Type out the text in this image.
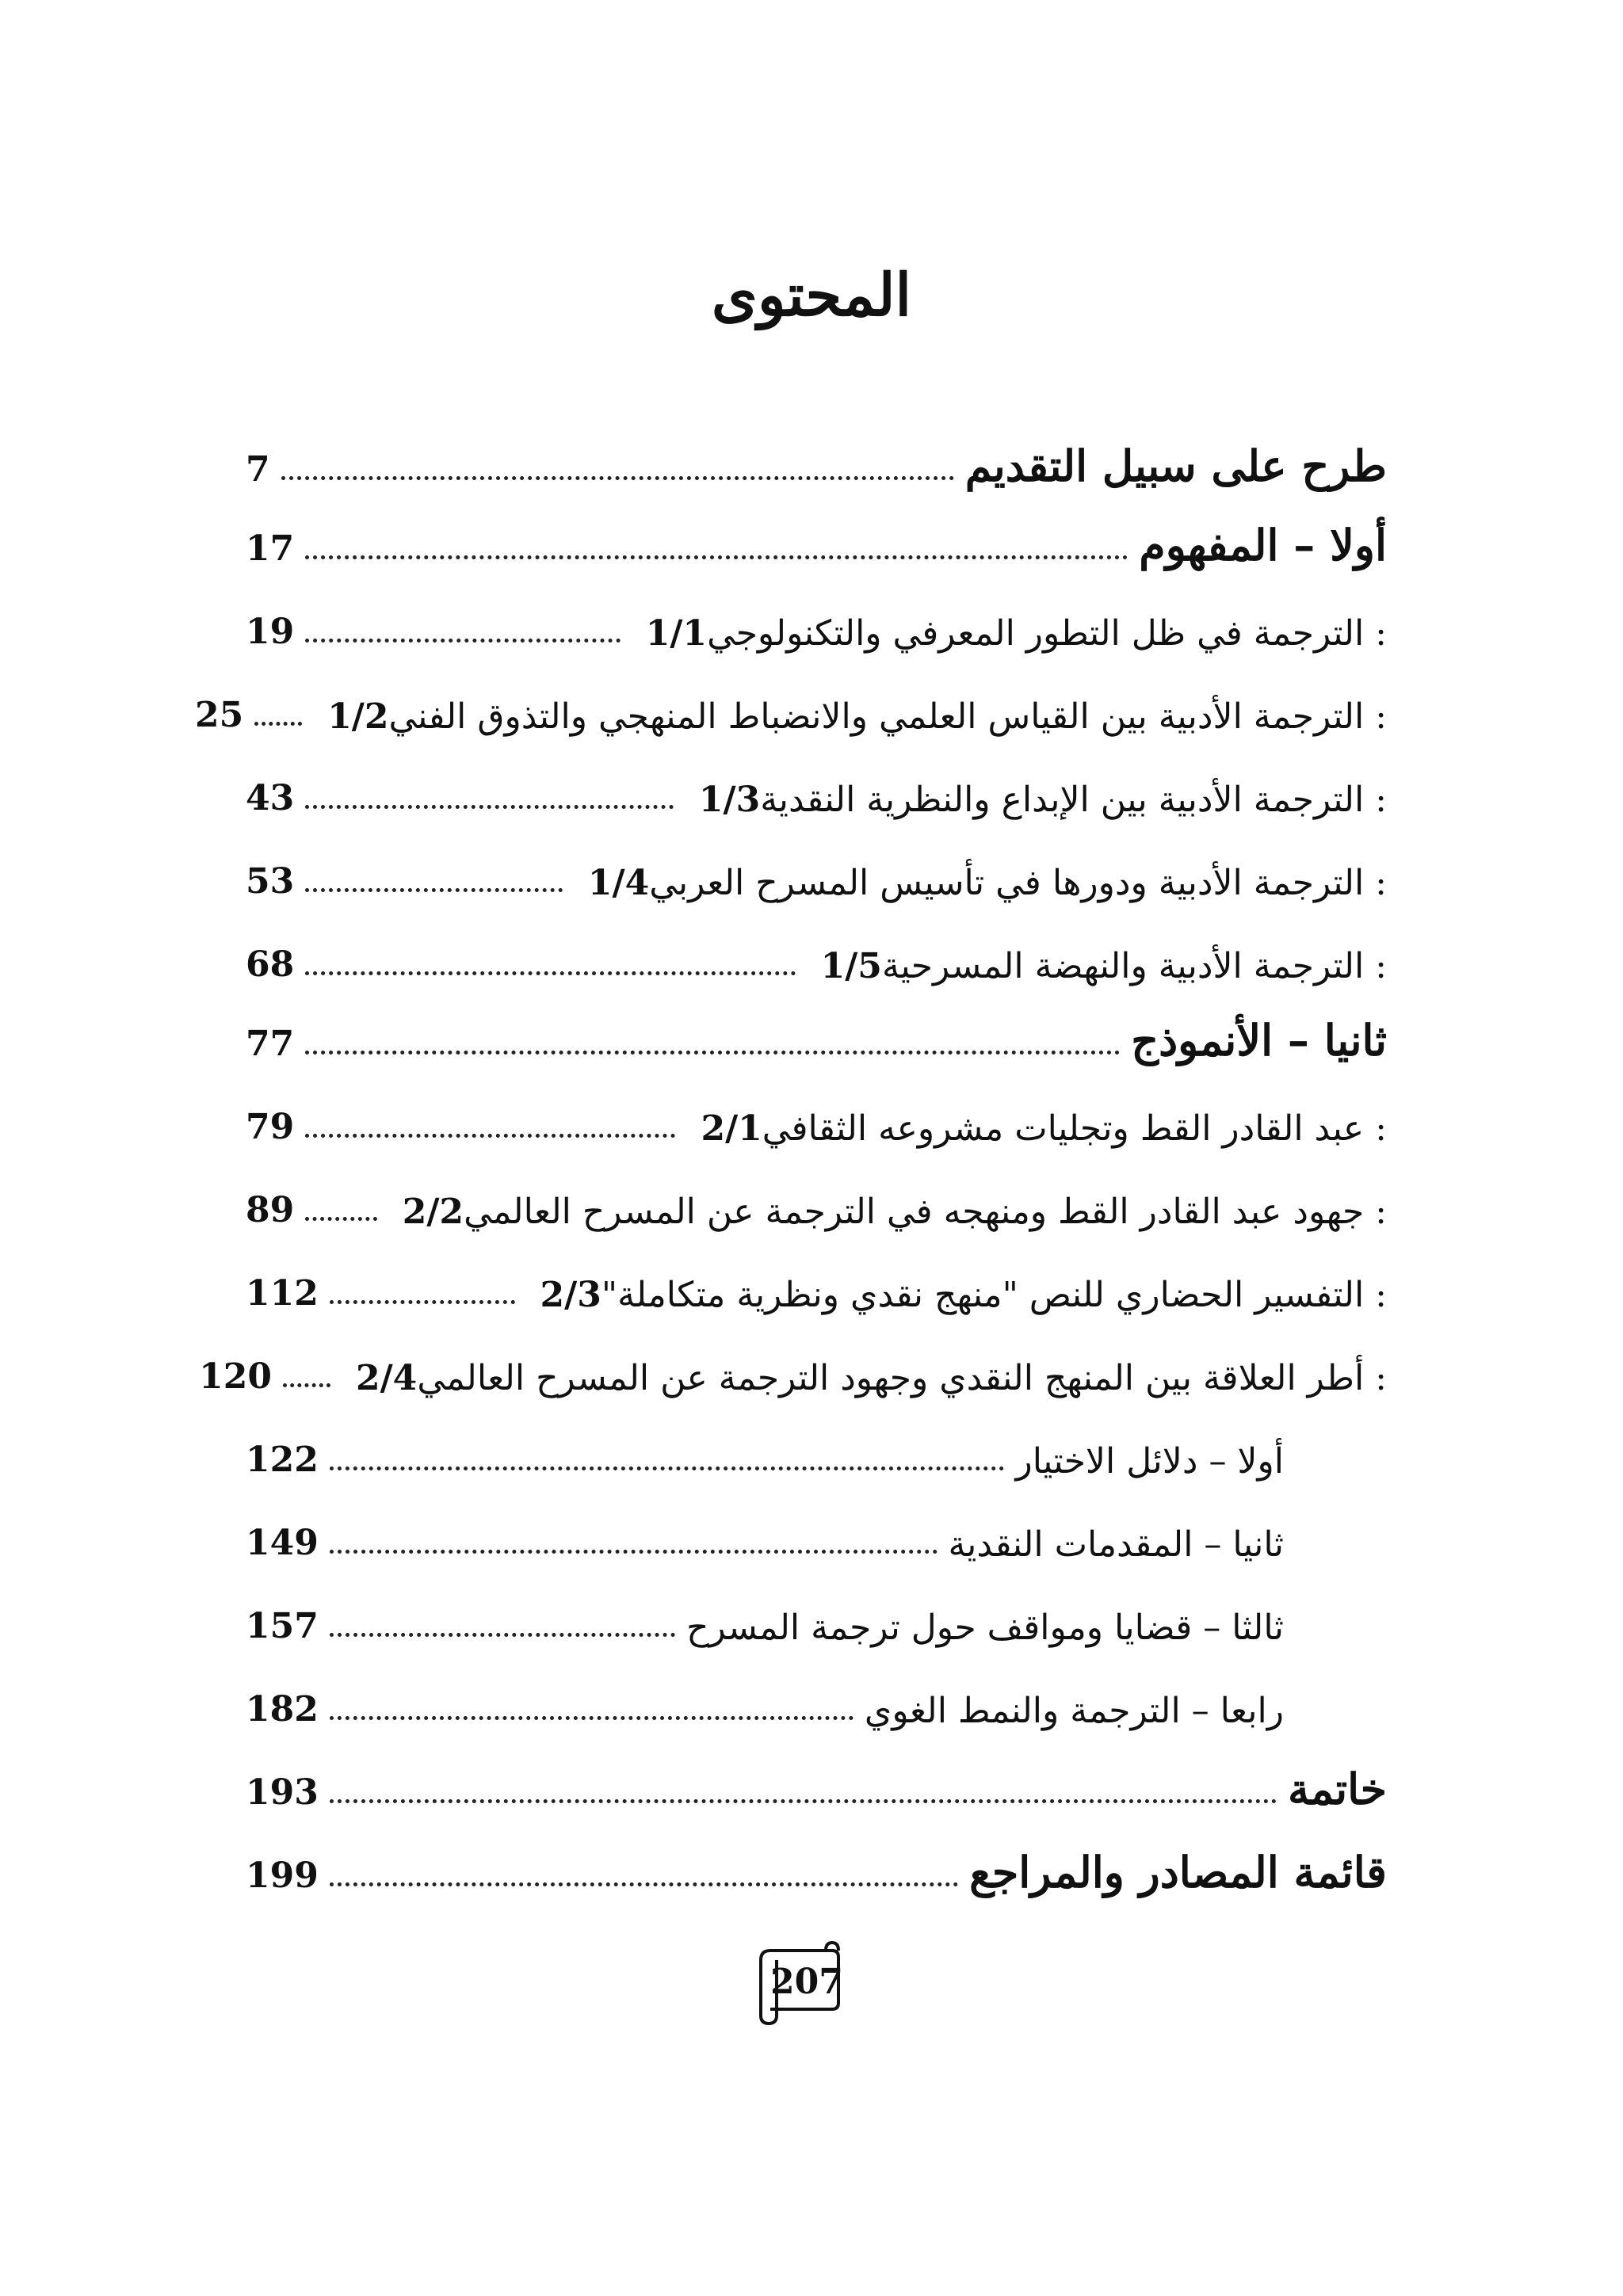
المحتوى
طرح على سبيل التقديم
7
أولا – المفهوم
17
1/1 : الترجمة في ظل التطور المعرفي والتكنولوجي
19
1/2 : الترجمة الأدبية بين القياس العلمي والانضباط المنهجي والتذوق الفني
25
1/3 : الترجمة الأدبية بين الإبداع والنظرية النقدية
43
1/4 : الترجمة الأدبية ودورها في تأسيس المسرح العربي
53
1/5 : الترجمة الأدبية والنهضة المسرحية
68
ثانيا – الأنموذج
77
2/1 : عبد القادر القط وتجليات مشروعه الثقافي
79
2/2 : جهود عبد القادر القط ومنهجه في الترجمة عن المسرح العالمي
89
2/3 : التفسير الحضاري للنص "منهج نقدي ونظرية متكاملة"
112
2/4 : أطر العلاقة بين المنهج النقدي وجهود الترجمة عن المسرح العالمي
120
أولا – دلائل الاختيار
122
ثانيا – المقدمات النقدية
149
ثالثا – قضايا ومواقف حول ترجمة المسرح
157
رابعا – الترجمة والنمط الغوي
182
خاتمة
193
قائمة المصادر والمراجع
199
207
